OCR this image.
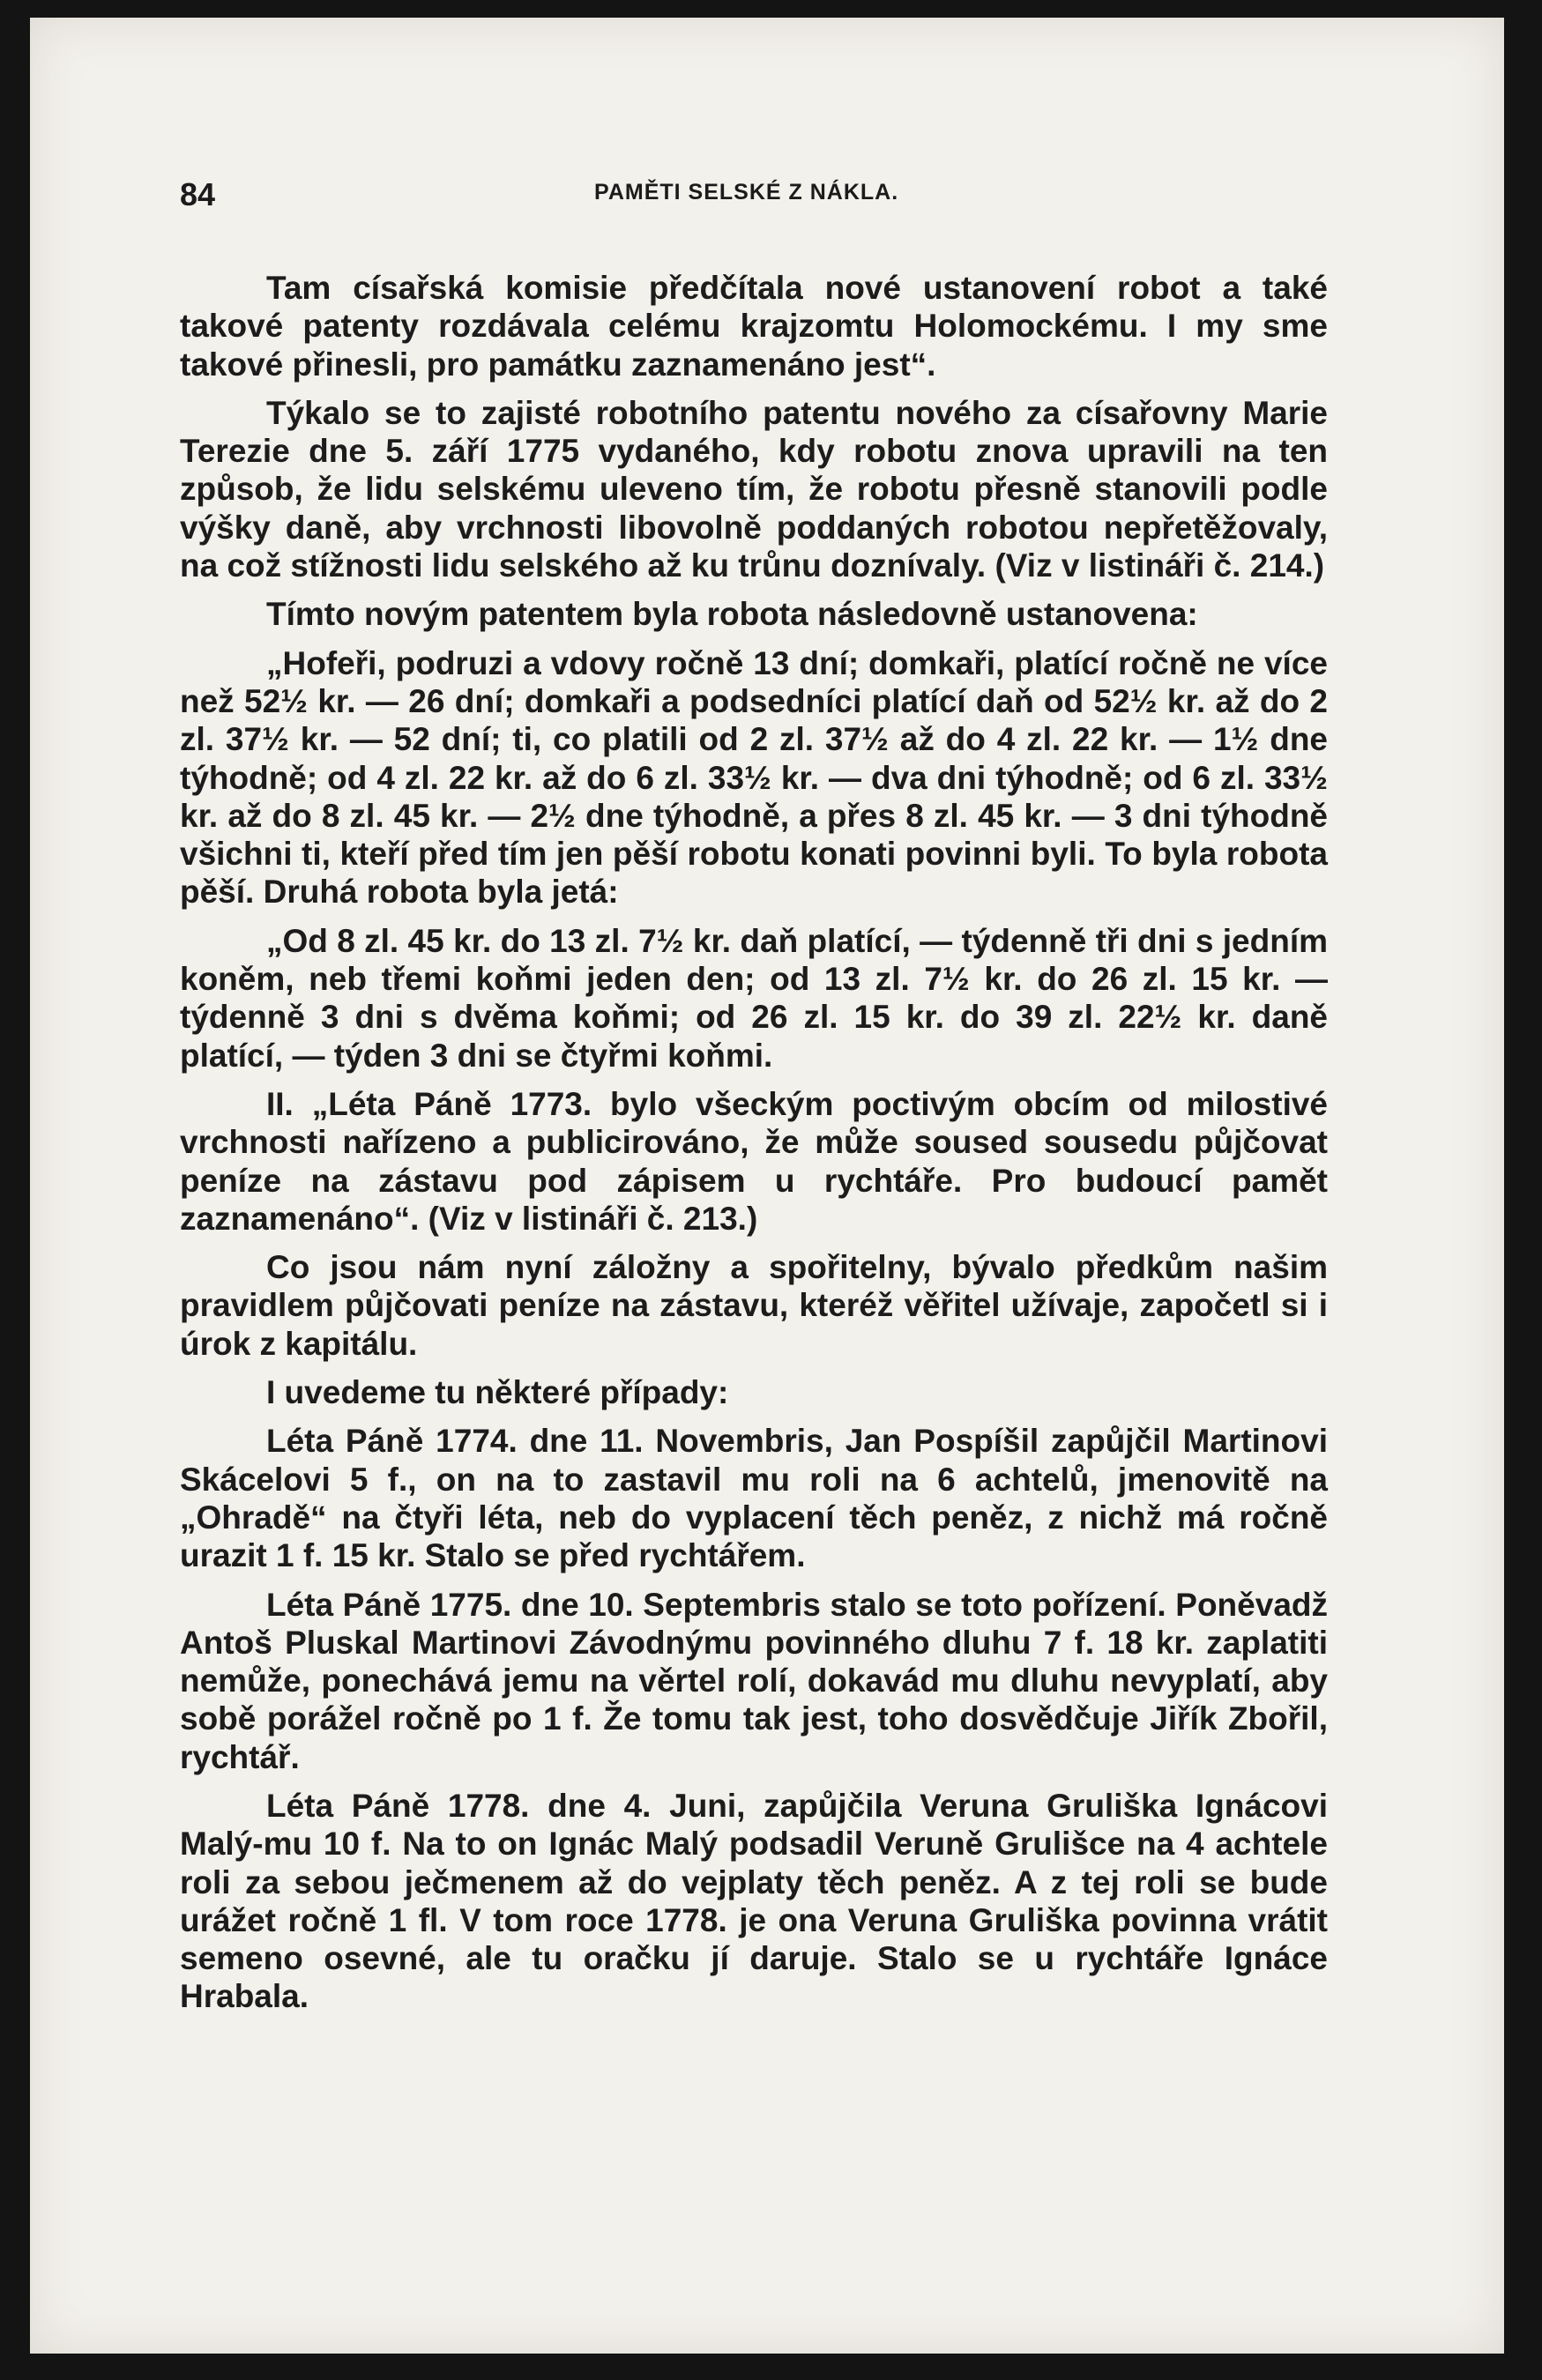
84	PAMĚTI SELSKÉ Z NÁKLA.

Tam císařská komisie předčítala nové ustanovení robot a také takové patenty rozdávala celému krajzomtu Holomockému. I my sme takové přinesli, pro památku zaznamenáno jest“.

Týkalo se to zajisté robotního patentu nového za císařovny Marie Terezie dne 5. září 1775 vydaného, kdy robotu znova upravili na ten způsob, že lidu selskému uleveno tím, že robotu přesně stanovili podle výšky daně, aby vrchnosti libovolně poddaných robotou nepřetěžovaly, na což stížnosti lidu selského až ku trůnu doznívaly. (Viz v listináři č. 214.)

Tímto novým patentem byla robota následovně ustanovena:

„Hofeři, podruzi a vdovy ročně 13 dní; domkaři, platící ročně ne více než 52½ kr. — 26 dní; domkaři a podsedníci platící daň od 52½ kr. až do 2 zl. 37½ kr. — 52 dní; ti, co platili od 2 zl. 37½ až do 4 zl. 22 kr. — 1½ dne týhodně; od 4 zl. 22 kr. až do 6 zl. 33½ kr. — dva dni týhodně; od 6 zl. 33½ kr. až do 8 zl. 45 kr. — 2½ dne týhodně, a přes 8 zl. 45 kr. — 3 dni týhodně všichni ti, kteří před tím jen pěší robotu konati povinni byli. To byla robota pěší. Druhá robota byla jetá:

„Od 8 zl. 45 kr. do 13 zl. 7½ kr. daň platící, — týdenně tři dni s jedním koněm, neb třemi koňmi jeden den; od 13 zl. 7½ kr. do 26 zl. 15 kr. — týdenně 3 dni s dvěma koňmi; od 26 zl. 15 kr. do 39 zl. 22½ kr. daně platící, — týden 3 dni se čtyřmi koňmi.

II. „Léta Páně 1773. bylo všeckým poctivým obcím od milostivé vrchnosti nařízeno a publicirováno, že může soused sousedu půjčovat peníze na zástavu pod zápisem u rychtáře. Pro budoucí pamět zaznamenáno“. (Viz v listináři č. 213.)

Co jsou nám nyní záložny a spořitelny, bývalo předkům našim pravidlem půjčovati peníze na zástavu, kteréž věřitel užívaje, započetl si i úrok z kapitálu.

I uvedeme tu některé případy:

Léta Páně 1774. dne 11. Novembris, Jan Pospíšil zapůjčil Martinovi Skácelovi 5 f., on na to zastavil mu roli na 6 achtelů, jmenovitě na „Ohradě“ na čtyři léta, neb do vyplacení těch peněz, z nichž má ročně urazit 1 f. 15 kr. Stalo se před rychtářem.

Léta Páně 1775. dne 10. Septembris stalo se toto pořízení. Poněvadž Antoš Pluskal Martinovi Závodnýmu povinného dluhu 7 f. 18 kr. zaplatiti nemůže, ponechává jemu na věrtel rolí, dokavád mu dluhu nevyplatí, aby sobě porážel ročně po 1 f. Že tomu tak jest, toho dosvědčuje Jiřík Zbořil, rychtář.

Léta Páně 1778. dne 4. Juni, zapůjčila Veruna Gruliška Ignácovi Malý-mu 10 f. Na to on Ignác Malý podsadil Veruně Grulišce na 4 achtele roli za sebou ječmenem až do vejplaty těch peněz. A z tej roli se bude urážet ročně 1 fl. V tom roce 1778. je ona Veruna Gruliška povinna vrátit semeno osevné, ale tu oračku jí daruje. Stalo se u rychtáře Ignáce Hrabala.
